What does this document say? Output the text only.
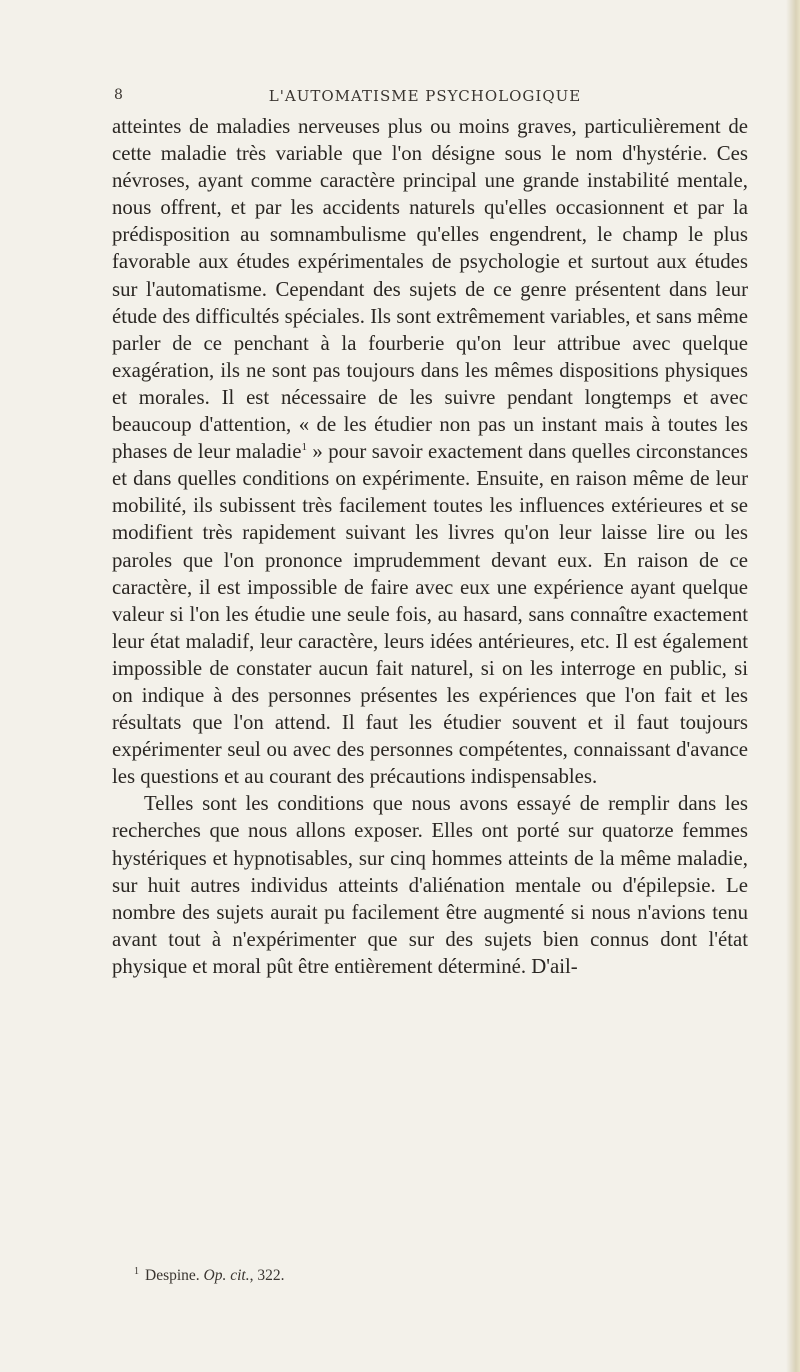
8	L'AUTOMATISME PSYCHOLOGIQUE

atteintes de maladies nerveuses plus ou moins graves, particulièrement de cette maladie très variable que l'on désigne sous le nom d'hystérie. Ces névroses, ayant comme caractère principal une grande instabilité mentale, nous offrent, et par les accidents naturels qu'elles occasionnent et par la prédisposition au somnambulisme qu'elles engendrent, le champ le plus favorable aux études expérimentales de psychologie et surtout aux études sur l'automatisme. Cependant des sujets de ce genre présentent dans leur étude des difficultés spéciales. Ils sont extrêmement variables, et sans même parler de ce penchant à la fourberie qu'on leur attribue avec quelque exagération, ils ne sont pas toujours dans les mêmes dispositions physiques et morales. Il est nécessaire de les suivre pendant longtemps et avec beaucoup d'attention, « de les étudier non pas un instant mais à toutes les phases de leur maladie$^1$ » pour savoir exactement dans quelles circonstances et dans quelles conditions on expérimente. Ensuite, en raison même de leur mobilité, ils subissent très facilement toutes les influences extérieures et se modifient très rapidement suivant les livres qu'on leur laisse lire ou les paroles que l'on prononce imprudemment devant eux. En raison de ce caractère, il est impossible de faire avec eux une expérience ayant quelque valeur si l'on les étudie une seule fois, au hasard, sans connaître exactement leur état maladif, leur caractère, leurs idées antérieures, etc. Il est également impossible de constater aucun fait naturel, si on les interroge en public, si on indique à des personnes présentes les expériences que l'on fait et les résultats que l'on attend. Il faut les étudier souvent et il faut toujours expérimenter seul ou avec des personnes compétentes, connaissant d'avance les questions et au courant des précautions indispensables.

Telles sont les conditions que nous avons essayé de remplir dans les recherches que nous allons exposer. Elles ont porté sur quatorze femmes hystériques et hypnotisables, sur cinq hommes atteints de la même maladie, sur huit autres individus atteints d'aliénation mentale ou d'épilepsie. Le nombre des sujets aurait pu facilement être augmenté si nous n'avions tenu avant tout à n'expérimenter que sur des sujets bien connus dont l'état physique et moral pût être entièrement déterminé. D'ail-

$^1$ Despine. Op. cit., 322.
